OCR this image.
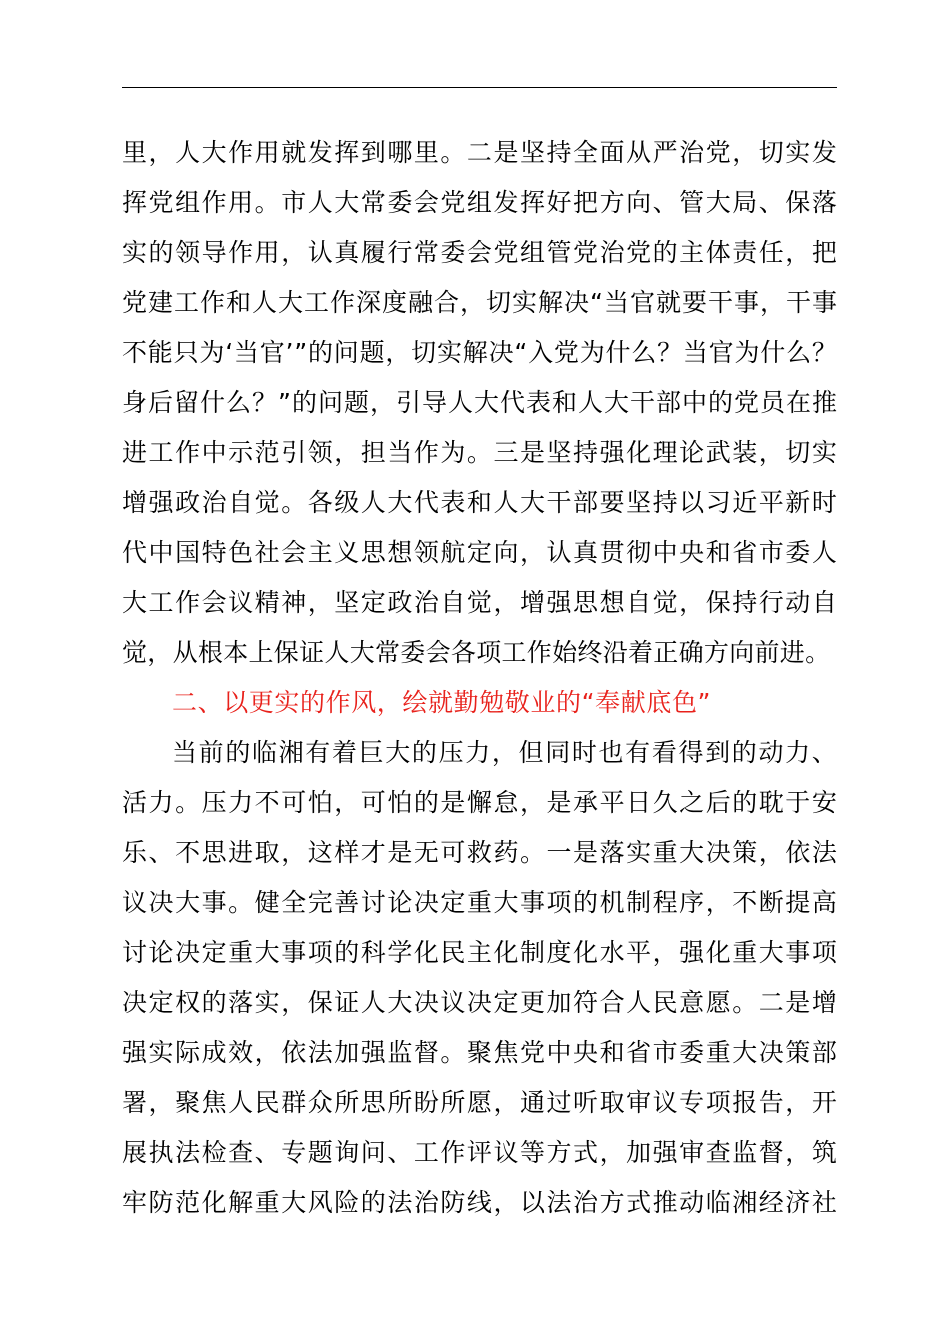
里 ， 人 大 作 用 就 发 挥 到 哪 里 。 二 是 坚 持 全 面 从 严 治 党 ， 切 实 发
挥 党 组 作 用 。 市 人 大 常 委 会 党 组 发 挥 好 把 方 向 、 管 大 局 、 保 落
实 的 领 导 作 用 ， 认 真 履 行 常 委 会 党 组 管 党 治 党 的 主 体 责 任 ， 把
党 建 工 作 和 人 大 工 作 深 度 融 合 ， 切 实 解 决 “ 当 官 就 要 干 事 ， 干 事
不 能 只 为 ‘ 当 官 ’ ” 的 问 题 ， 切 实 解 决 “ 入 党 为 什 么 ？ 当 官 为 什 么 ？
身 后 留 什 么 ？ ” 的 问 题 ， 引 导 人 大 代 表 和 人 大 干 部 中 的 党 员 在 推
进 工 作 中 示 范 引 领 ， 担 当 作 为 。 三 是 坚 持 强 化 理 论 武 装 ， 切 实
增 强 政 治 自 觉 。 各 级 人 大 代 表 和 人 大 干 部 要 坚 持 以 习 近 平 新 时
代 中 国 特 色 社 会 主 义 思 想 领 航 定 向 ， 认 真 贯 彻 中 央 和 省 市 委 人
大 工 作 会 议 精 神 ， 坚 定 政 治 自 觉 ， 增 强 思 想 自 觉 ， 保 持 行 动 自
觉，从根本上保证人大常委会各项工作始终沿着正确方向前进。
二、以更实的作风，绘就勤勉敬业的“奉献底色”
当 前 的 临 湘 有 着 巨 大 的 压 力 ， 但 同 时 也 有 看 得 到 的 动 力 、
活 力 。 压 力 不 可 怕 ， 可 怕 的 是 懈 怠 ， 是 承 平 日 久 之 后 的 耽 于 安
乐 、 不 思 进 取 ， 这 样 才 是 无 可 救 药 。 一 是 落 实 重 大 决 策 ， 依 法
议 决 大 事 。 健 全 完 善 讨 论 决 定 重 大 事 项 的 机 制 程 序 ， 不 断 提 高
讨 论 决 定 重 大 事 项 的 科 学 化 民 主 化 制 度 化 水 平 ， 强 化 重 大 事 项
决 定 权 的 落 实 ， 保 证 人 大 决 议 决 定 更 加 符 合 人 民 意 愿 。 二 是 增
强 实 际 成 效 ， 依 法 加 强 监 督 。 聚 焦 党 中 央 和 省 市 委 重 大 决 策 部
署 ， 聚 焦 人 民 群 众 所 思 所 盼 所 愿 ， 通 过 听 取 审 议 专 项 报 告 ， 开
展 执 法 检 查 、 专 题 询 问 、 工 作 评 议 等 方 式 ， 加 强 审 查 监 督 ， 筑
牢 防 范 化 解 重 大 风 险 的 法 治 防 线 ， 以 法 治 方 式 推 动 临 湘 经 济 社
